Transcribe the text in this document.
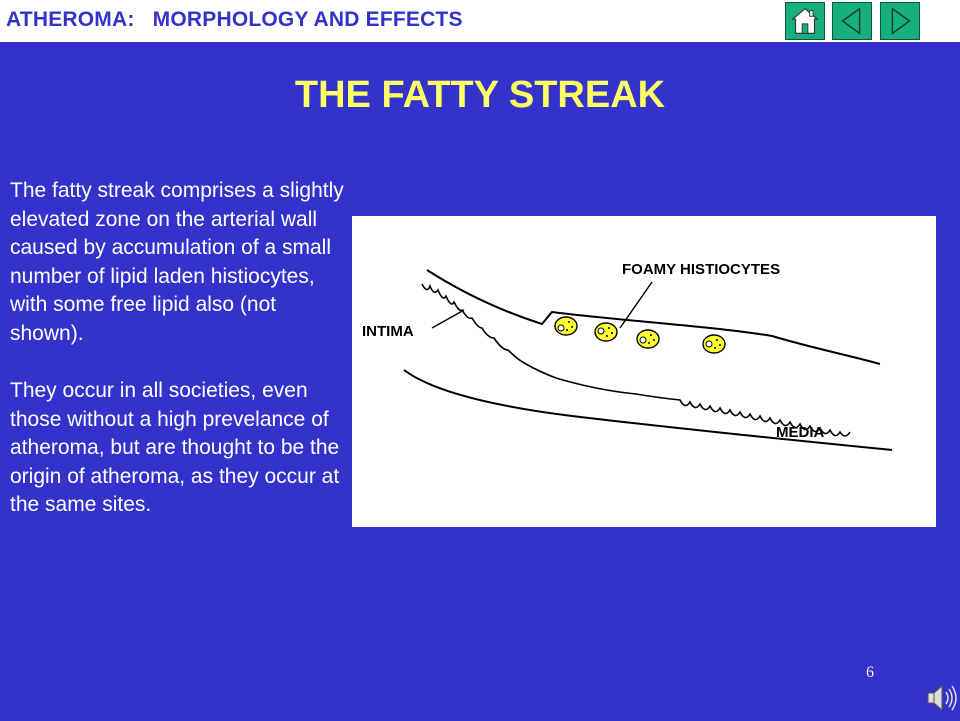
ATHEROMA:   MORPHOLOGY AND EFFECTS
THE FATTY STREAK

The fatty streak comprises a slightly elevated zone on the arterial wall caused by accumulation of a small number of lipid laden histiocytes, with some free lipid also (not shown).

They occur in all societies, even those without a high prevelance of atheroma, but are thought to be the origin of atheroma, as they occur at the same sites.

FOAMY HISTIOCYTES
INTIMA
MEDIA
6
